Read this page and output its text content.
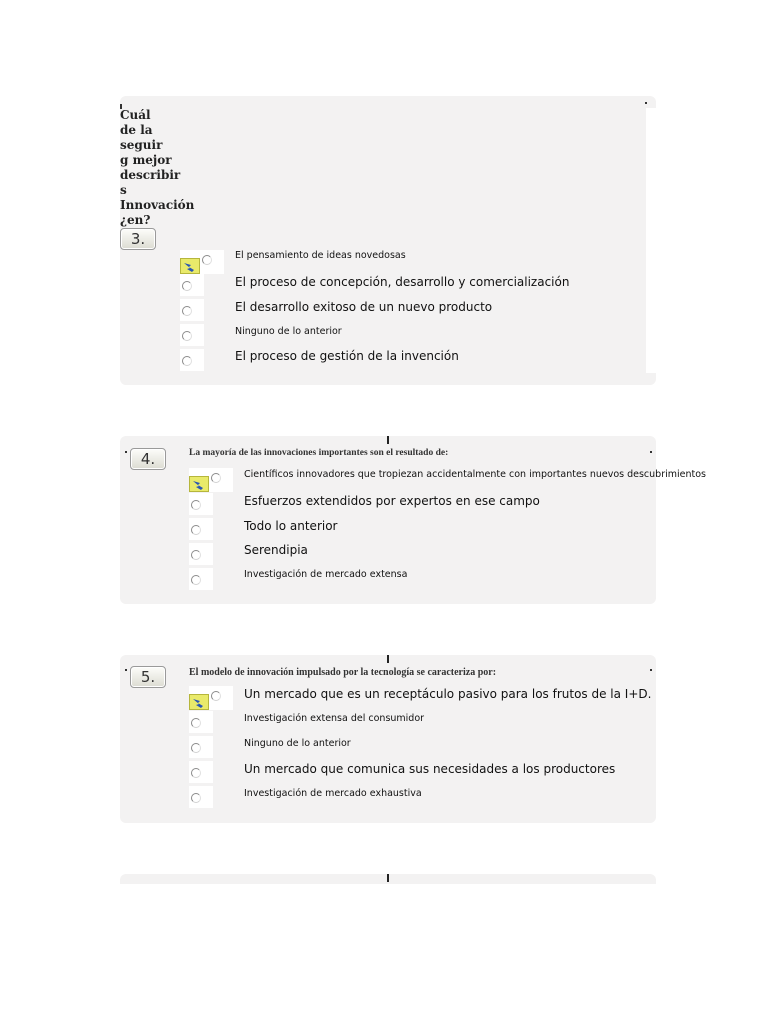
Cuál
de la
seguir
g mejor
describir
s
Innovación
¿en?
3.
El pensamiento de ideas novedosas
El proceso de concepción, desarrollo y comercialización
El desarrollo exitoso de un nuevo producto
Ninguno de lo anterior
El proceso de gestión de la invención
4.	La mayoría de las innovaciones importantes son el resultado de:
Científicos innovadores que tropiezan accidentalmente con importantes nuevos descubrimientos
Esfuerzos extendidos por expertos en ese campo
Todo lo anterior
Serendipia
Investigación de mercado extensa
5.	El modelo de innovación impulsado por la tecnología se caracteriza por:
Un mercado que es un receptáculo pasivo para los frutos de la I+D.
Investigación extensa del consumidor
Ninguno de lo anterior
Un mercado que comunica sus necesidades a los productores
Investigación de mercado exhaustiva
